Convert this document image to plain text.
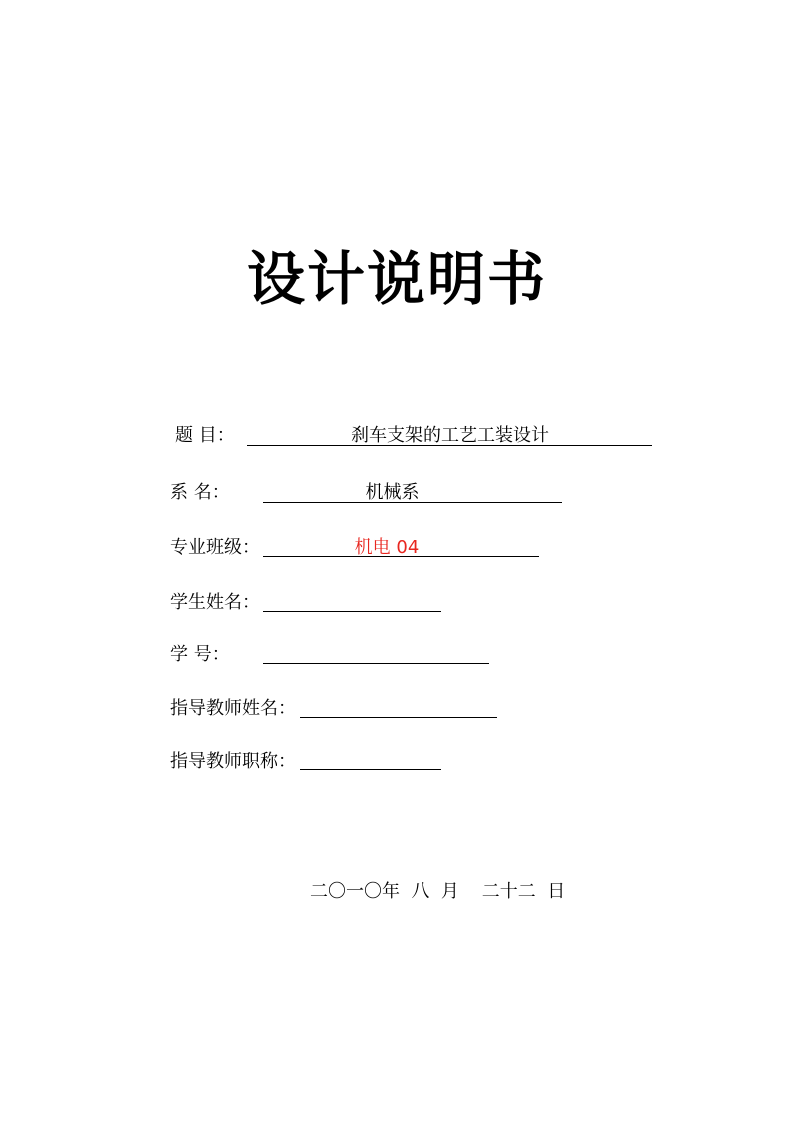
设计说明书
题 目：	刹车支架的工艺工装设计
系 名：	机械系
专业班级：	机电 04
学生姓名：
学 号：
指导教师姓名：
指导教师职称：
二〇一〇年  八  月    二十二  日
